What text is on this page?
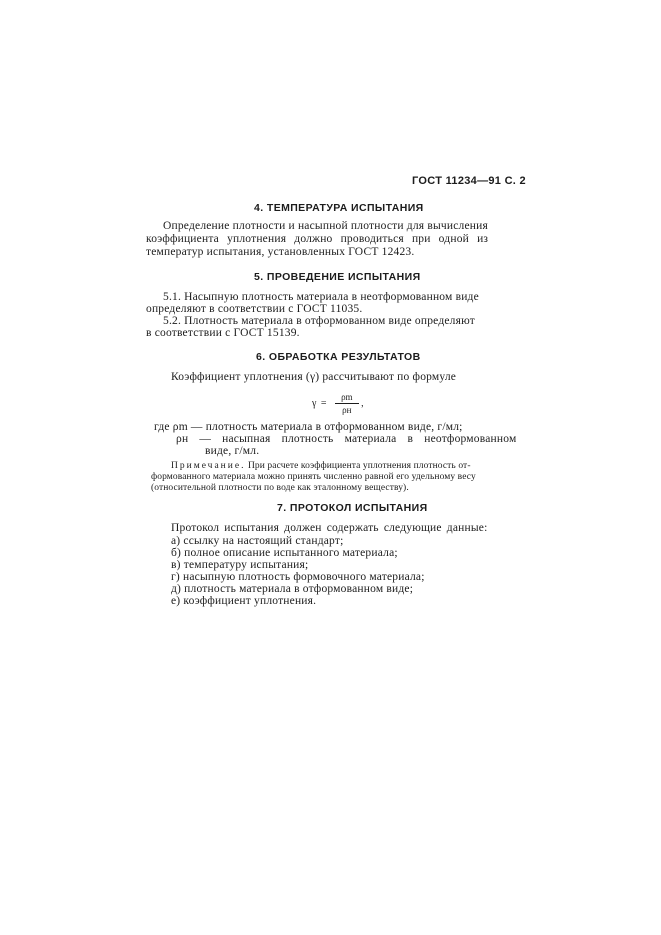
ГОСТ 11234—91 С. 2
4. ТЕМПЕРАТУРА ИСПЫТАНИЯ
Определение плотности и насыпной плотности для вычисления
коэффициента уплотнения должно проводиться при одной из
температур испытания, установленных ГОСТ 12423.
5. ПРОВЕДЕНИЕ ИСПЫТАНИЯ
5.1. Насыпную плотность материала в неотформованном виде
определяют в соответствии с ГОСТ 11035.
5.2. Плотность материала в отформованном виде определяют
в соответствии с ГОСТ 15139.
6. ОБРАБОТКА РЕЗУЛЬТАТОВ
Коэффициент уплотнения (γ) рассчитывают по формуле
$\gamma = \frac{\rho m}{\rho н}$ ,
где ρm — плотность материала в отформованном виде, г/мл;
ρн — насыпная плотность материала в неотформованном
виде, г/мл.
Примечание. При расчете коэффициента уплотнения плотность от-
формованного материала можно принять численно равной его удельному весу
(относительной плотности по воде как эталонному веществу).
7. ПРОТОКОЛ ИСПЫТАНИЯ
Протокол испытания должен содержать следующие данные:
а) ссылку на настоящий стандарт;
б) полное описание испытанного материала;
в) температуру испытания;
г) насыпную плотность формовочного материала;
д) плотность материала в отформованном виде;
е) коэффициент уплотнения.
